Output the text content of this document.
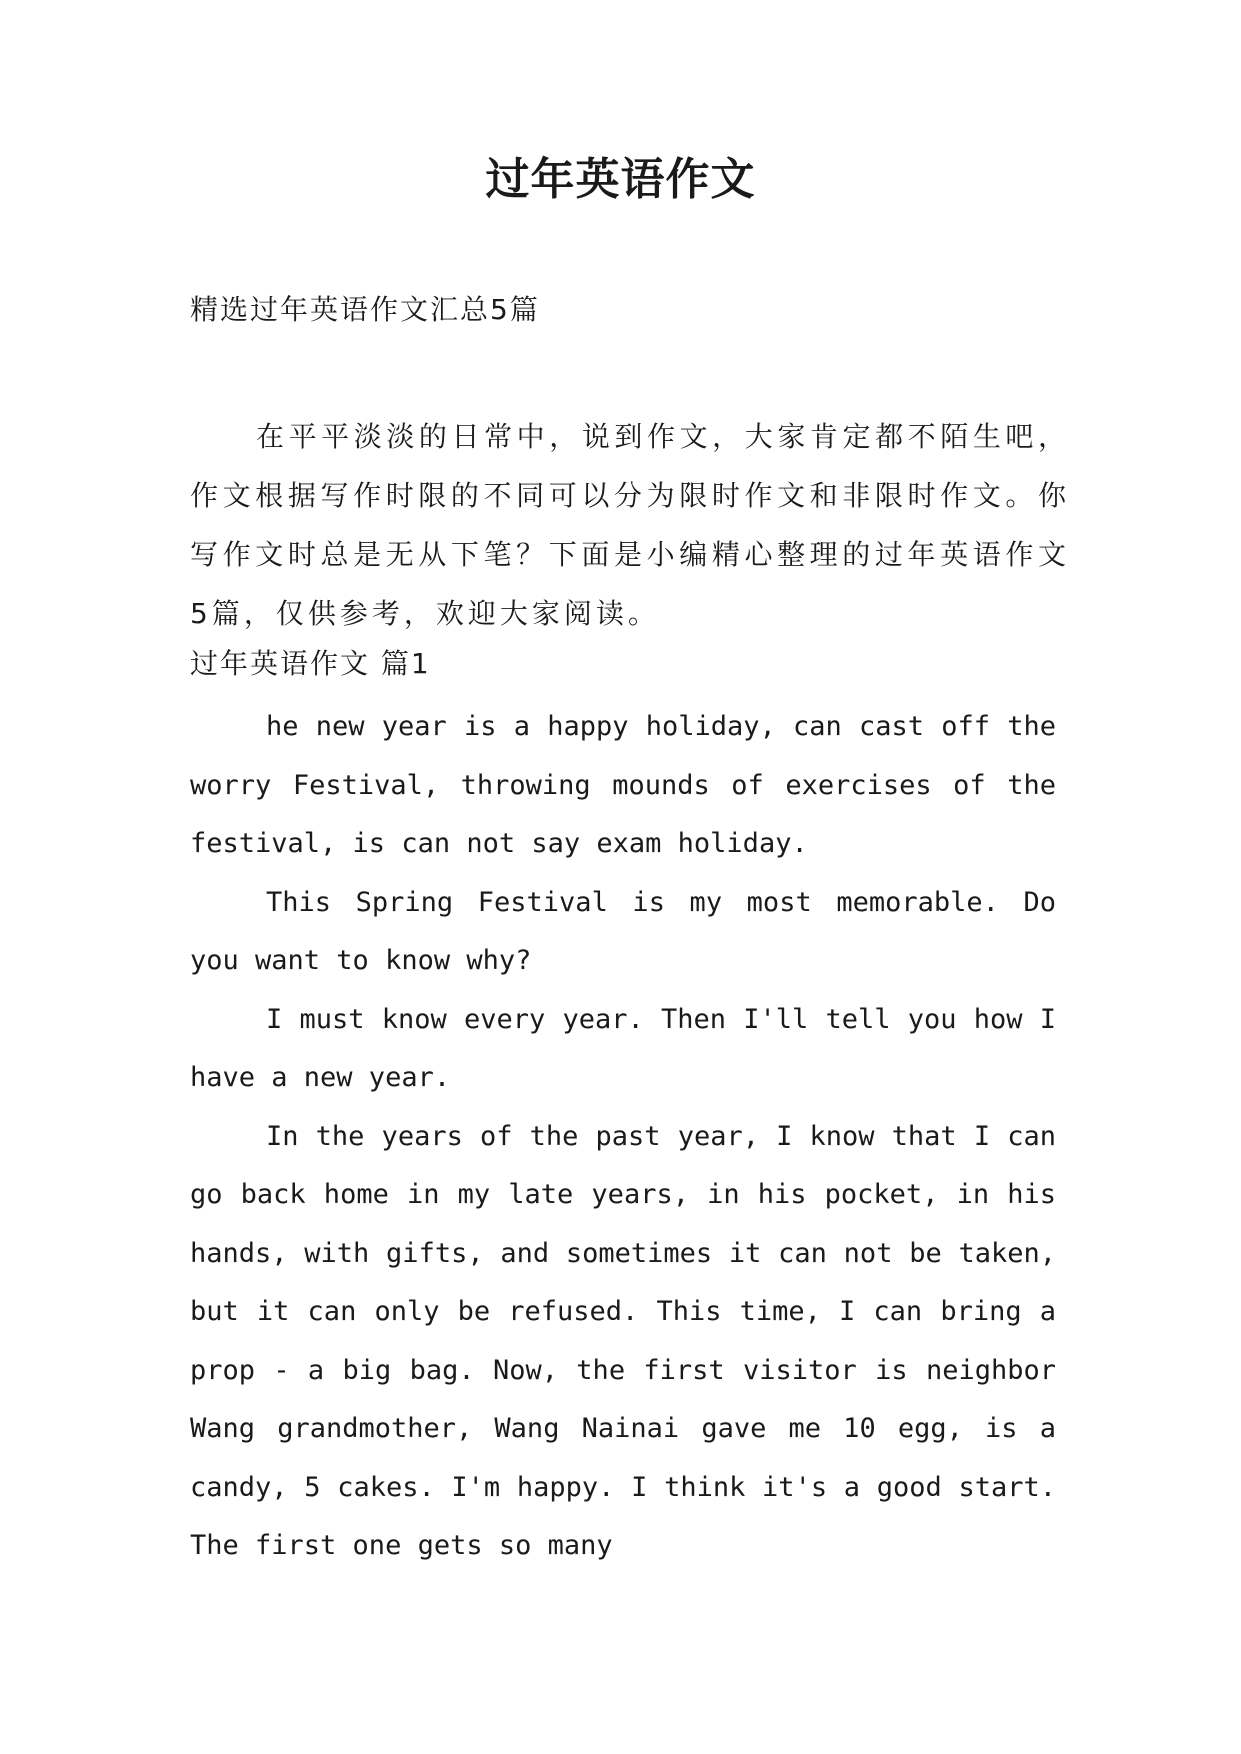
过年英语作文
精选过年英语作文汇总5篇
在平平淡淡的日常中，说到作文，大家肯定都不陌生吧，作文根据写作时限的不同可以分为限时作文和非限时作文。你写作文时总是无从下笔？下面是小编精心整理的过年英语作文5篇，仅供参考，欢迎大家阅读。
过年英语作文 篇1

he new year is a happy holiday, can cast off the worry Festival, throwing mounds of exercises of the festival, is can not say exam holiday.

This Spring Festival is my most memorable. Do you want to know why?

I must know every year. Then I'll tell you how I have a new year.

In the years of the past year, I know that I can go back home in my late years, in his pocket, in his hands, with gifts, and sometimes it can not be taken, but it can only be refused. This time, I can bring a prop - a big bag. Now, the first visitor is neighbor Wang grandmother, Wang Nainai gave me 10 egg, is a candy, 5 cakes. I'm happy. I think it's a good start. The first one gets so many
